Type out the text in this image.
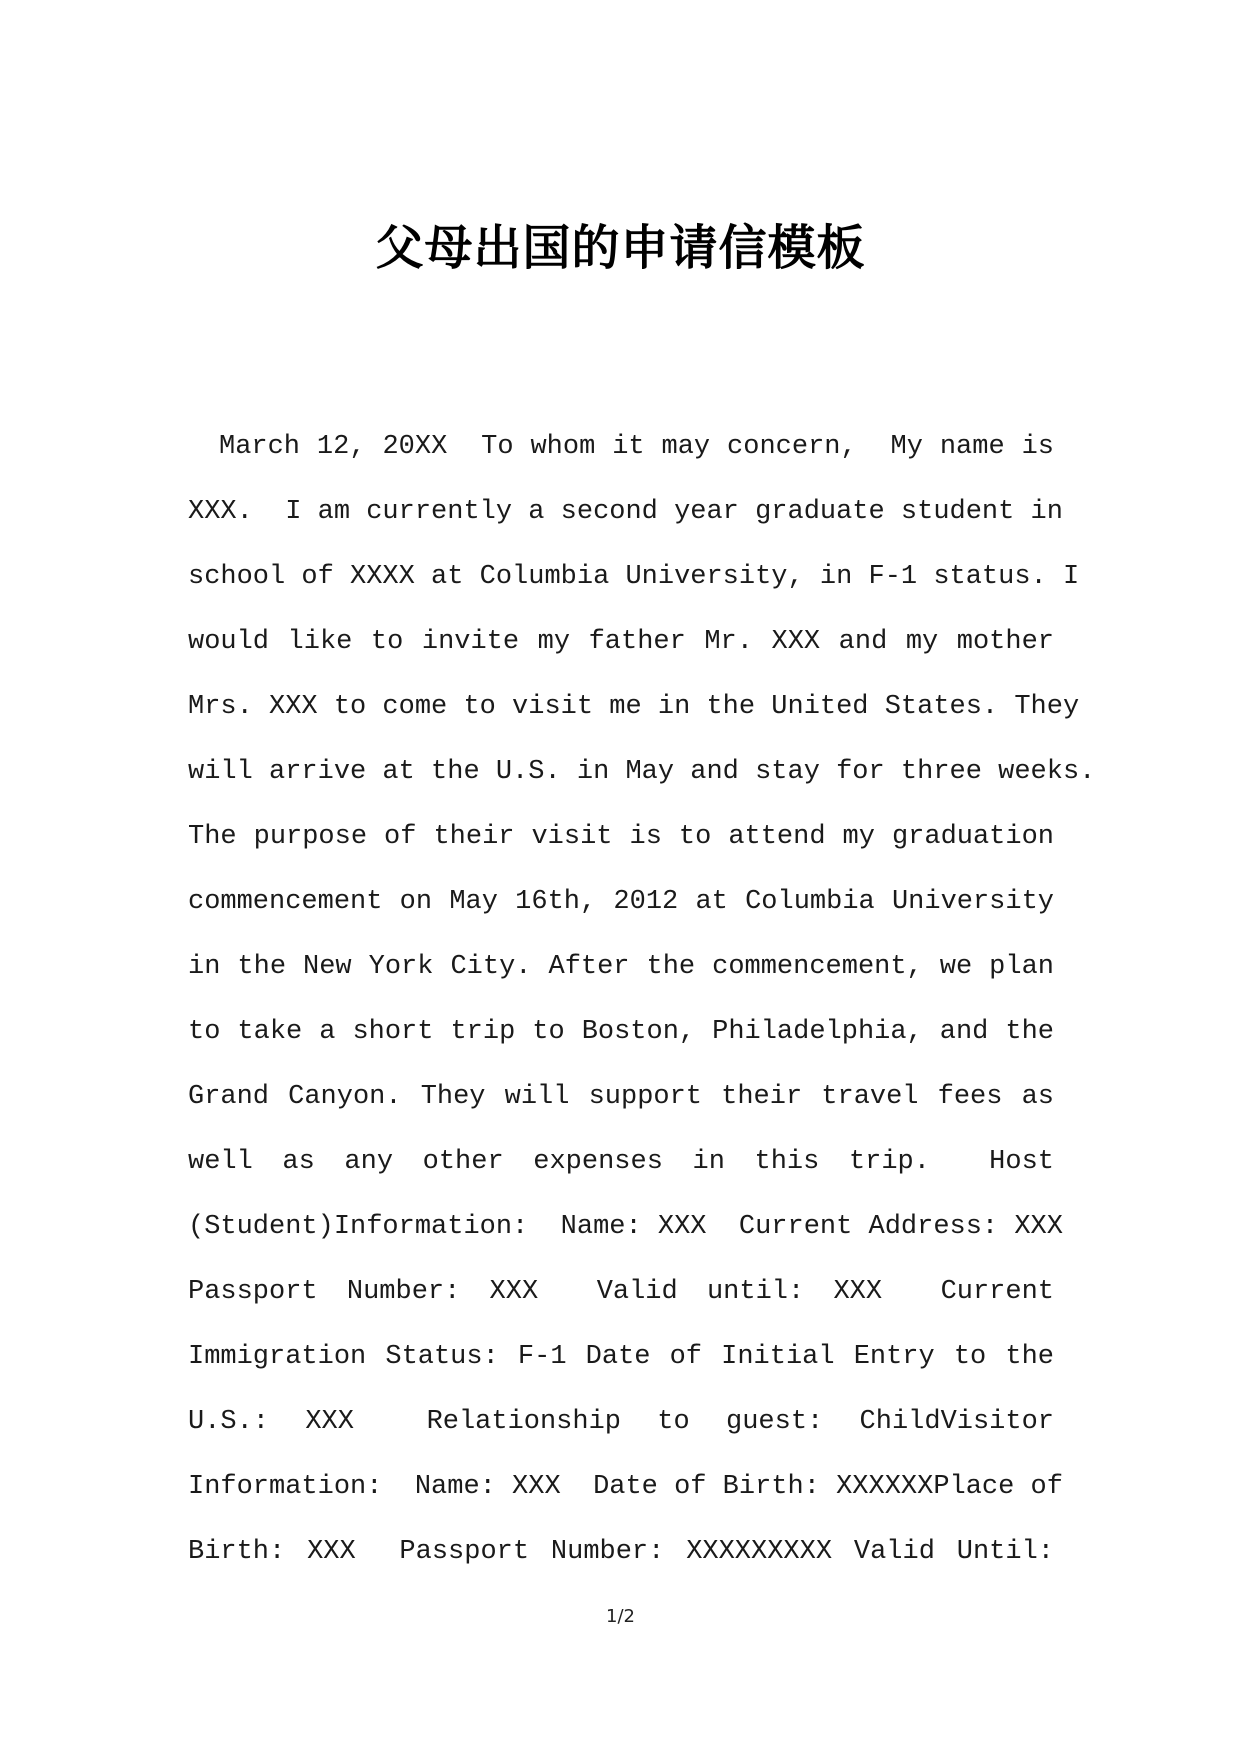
父母出国的申请信模板
March 12, 20XX  To whom it may concern,  My name is
XXX.  I am currently a second year graduate student in
school of XXXX at Columbia University, in F-1 status. I
would like to invite my father Mr. XXX and my mother
Mrs. XXX to come to visit me in the United States. They
will arrive at the U.S. in May and stay for three weeks.
The purpose of their visit is to attend my graduation
commencement on May 16th, 2012 at Columbia University
in the New York City. After the commencement, we plan
to take a short trip to Boston, Philadelphia, and the
Grand Canyon. They will support their travel fees as
well as any other expenses in this trip.  Host
(Student)Information:  Name: XXX  Current Address: XXX
Passport Number: XXX  Valid until: XXX  Current
Immigration Status: F-1 Date of Initial Entry to the
U.S.: XXX  Relationship to guest: ChildVisitor
Information:  Name: XXX  Date of Birth: XXXXXXPlace of
Birth: XXX  Passport Number: XXXXXXXXX Valid Until:
1/2
